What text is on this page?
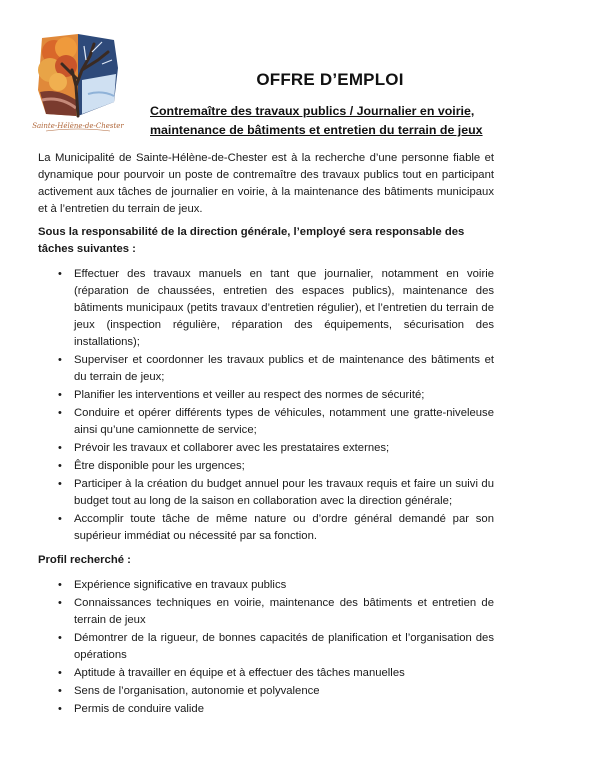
Sainte-Hélène-de-Chester
OFFRE D’EMPLOI
Contremaître des travaux publics / Journalier en voirie,
maintenance de bâtiments et entretien du terrain de jeux

La Municipalité de Sainte-Hélène-de-Chester est à la recherche d’une personne fiable et dynamique pour pourvoir un poste de contremaître des travaux publics tout en participant activement aux tâches de journalier en voirie, à la maintenance des bâtiments municipaux et à l’entretien du terrain de jeux.

Sous la responsabilité de la direction générale, l’employé sera responsable des tâches suivantes :

• Effectuer des travaux manuels en tant que journalier, notamment en voirie (réparation de chaussées, entretien des espaces publics), maintenance des bâtiments municipaux (petits travaux d’entretien régulier), et l’entretien du terrain de jeux (inspection régulière, réparation des équipements, sécurisation des installations);
• Superviser et coordonner les travaux publics et de maintenance des bâtiments et du terrain de jeux;
• Planifier les interventions et veiller au respect des normes de sécurité;
• Conduire et opérer différents types de véhicules, notamment une gratte-niveleuse ainsi qu’une camionnette de service;
• Prévoir les travaux et collaborer avec les prestataires externes;
• Être disponible pour les urgences;
• Participer à la création du budget annuel pour les travaux requis et faire un suivi du budget tout au long de la saison en collaboration avec la direction générale;
• Accomplir toute tâche de même nature ou d’ordre général demandé par son supérieur immédiat ou nécessité par sa fonction.

Profil recherché :

• Expérience significative en travaux publics
• Connaissances techniques en voirie, maintenance des bâtiments et entretien de terrain de jeux
• Démontrer de la rigueur, de bonnes capacités de planification et l’organisation des opérations
• Aptitude à travailler en équipe et à effectuer des tâches manuelles
• Sens de l’organisation, autonomie et polyvalence
• Permis de conduire valide
